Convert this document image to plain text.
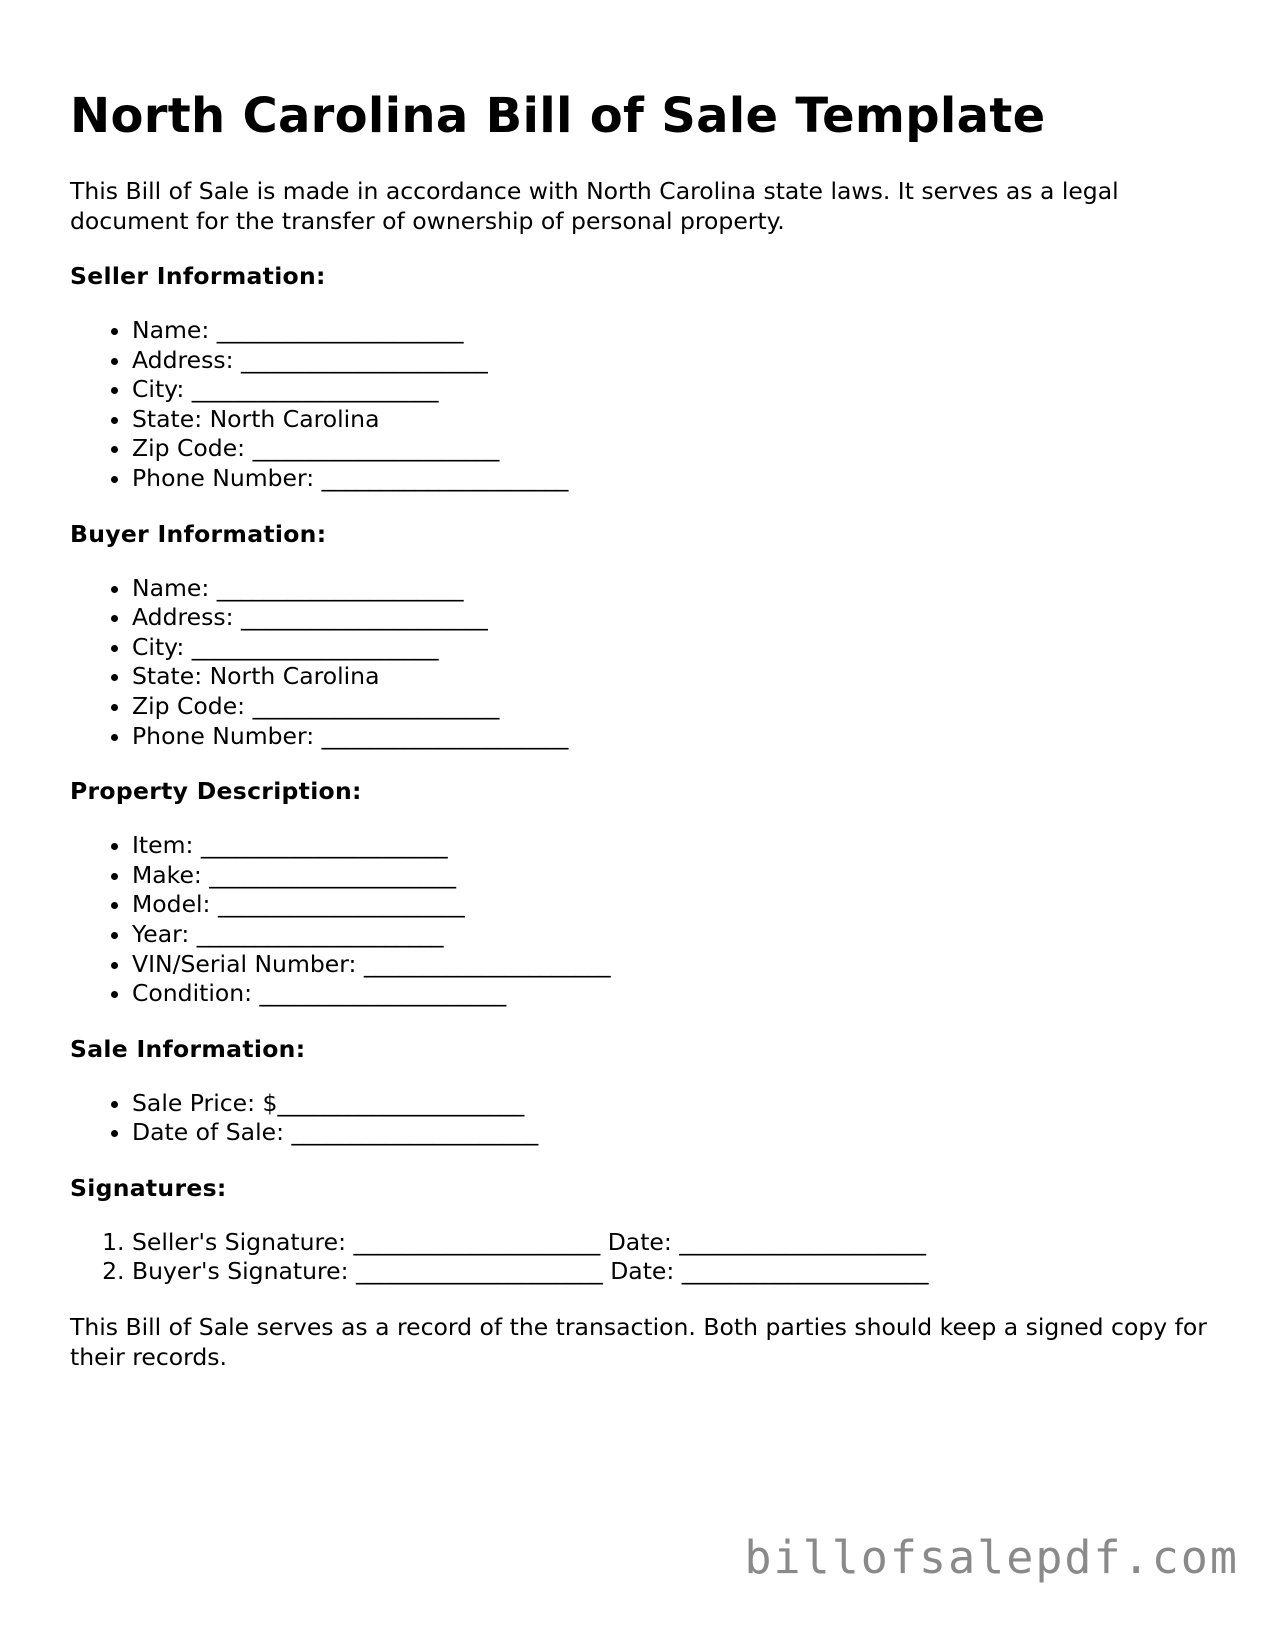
North Carolina Bill of Sale Template

This Bill of Sale is made in accordance with North Carolina state laws. It serves as a legal document for the transfer of ownership of personal property.

Seller Information:
• Name: _____________________
• Address: _____________________
• City: _____________________
• State: North Carolina
• Zip Code: _____________________
• Phone Number: _____________________
Buyer Information:
• Name: _____________________
• Address: _____________________
• City: _____________________
• State: North Carolina
• Zip Code: _____________________
• Phone Number: _____________________
Property Description:
• Item: _____________________
• Make: _____________________
• Model: _____________________
• Year: _____________________
• VIN/Serial Number: _____________________
• Condition: _____________________
Sale Information:
• Sale Price: $_____________________
• Date of Sale: _____________________
Signatures:
1. Seller's Signature: _____________________ Date: _____________________
2. Buyer's Signature: _____________________ Date: _____________________

This Bill of Sale serves as a record of the transaction. Both parties should keep a signed copy for their records.

billofsalepdf.com
